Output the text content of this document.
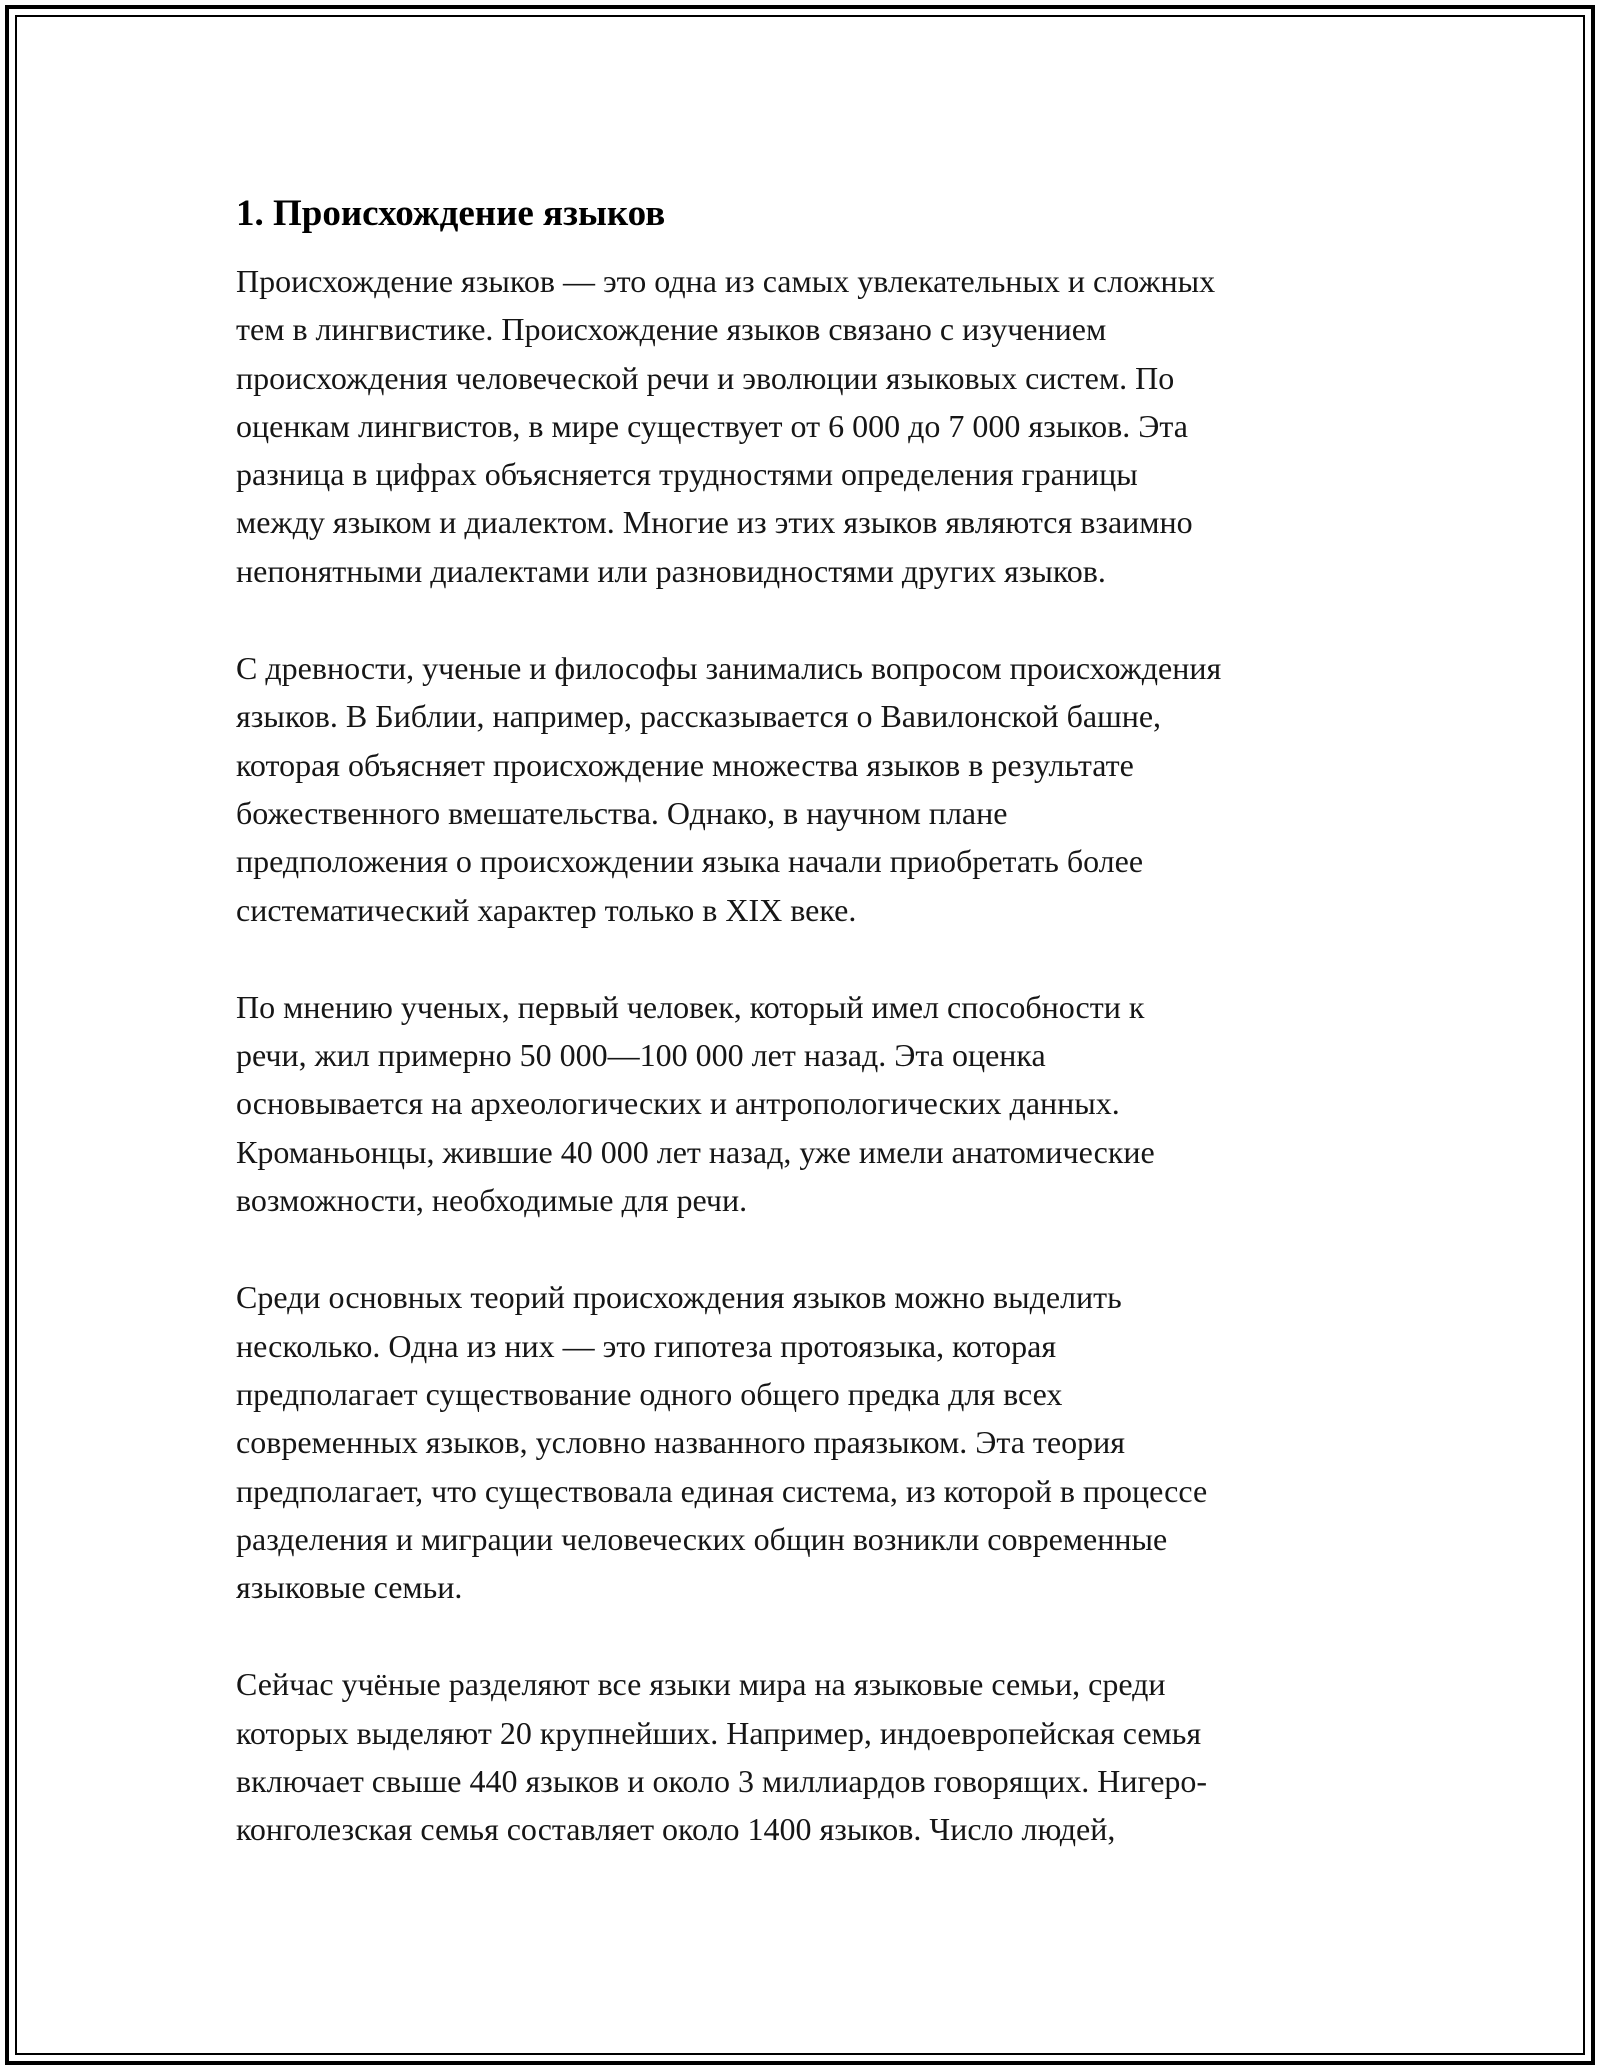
1. Происхождение языков

Происхождение языков — это одна из самых увлекательных и сложных
тем в лингвистике. Происхождение языков связано с изучением
происхождения человеческой речи и эволюции языковых систем. По
оценкам лингвистов, в мире существует от 6 000 до 7 000 языков. Эта
разница в цифрах объясняется трудностями определения границы
между языком и диалектом. Многие из этих языков являются взаимно
непонятными диалектами или разновидностями других языков.

С древности, ученые и философы занимались вопросом происхождения
языков. В Библии, например, рассказывается о Вавилонской башне,
которая объясняет происхождение множества языков в результате
божественного вмешательства. Однако, в научном плане
предположения о происхождении языка начали приобретать более
систематический характер только в XIX веке.

По мнению ученых, первый человек, который имел способности к
речи, жил примерно 50 000—100 000 лет назад. Эта оценка
основывается на археологических и антропологических данных.
Кроманьонцы, жившие 40 000 лет назад, уже имели анатомические
возможности, необходимые для речи.

Среди основных теорий происхождения языков можно выделить
несколько. Одна из них — это гипотеза протоязыка, которая
предполагает существование одного общего предка для всех
современных языков, условно названного праязыком. Эта теория
предполагает, что существовала единая система, из которой в процессе
разделения и миграции человеческих общин возникли современные
языковые семьи.

Сейчас учёные разделяют все языки мира на языковые семьи, среди
которых выделяют 20 крупнейших. Например, индоевропейская семья
включает свыше 440 языков и около 3 миллиардов говорящих. Нигеро-
конголезская семья составляет около 1400 языков. Число людей,
